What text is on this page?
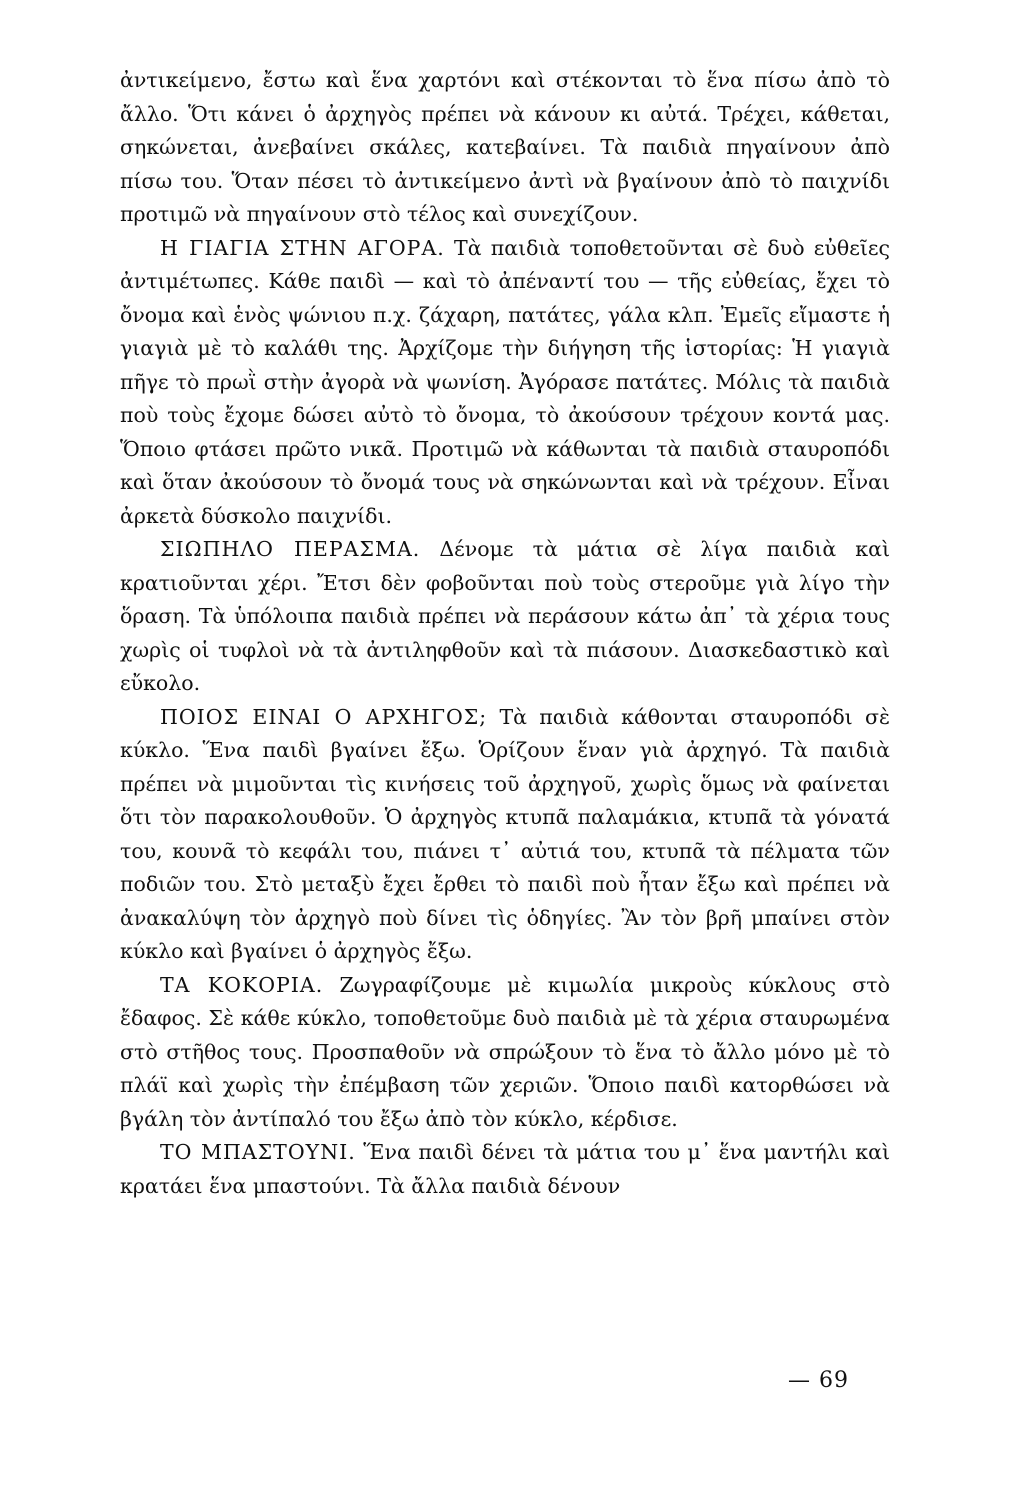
ἀντικείμενο, ἔστω καὶ ἕνα χαρτόνι καὶ στέκονται τὸ ἕνα πίσω ἀπὸ τὸ ἄλλο. Ὅτι κάνει ὁ ἀρχηγὸς πρέπει νὰ κάνουν κι αὐτά. Τρέχει, κάθεται, σηκώνεται, ἀνεβαίνει σκάλες, κατεβαίνει. Τὰ παιδιὰ πηγαίνουν ἀπὸ πίσω του. Ὅταν πέσει τὸ ἀντικείμενο ἀντὶ νὰ βγαίνουν ἀπὸ τὸ παιχνίδι προτιμῶ νὰ πηγαίνουν στὸ τέλος καὶ συνεχίζουν.

Η ΓΙΑΓΙΑ ΣΤΗΝ ΑΓΟΡΑ. Τὰ παιδιὰ τοποθετοῦνται σὲ δυὸ εὐθεῖες ἀντιμέτωπες. Κάθε παιδὶ — καὶ τὸ ἀπέναντί του — τῆς εὐθείας, ἔχει τὸ ὄνομα καὶ ἑνὸς ψώνιου π.χ. ζάχαρη, πατάτες, γάλα κλπ. Ἐμεῖς εἴμαστε ἡ γιαγιὰ μὲ τὸ καλάθι της. Ἀρχίζομε τὴν διήγηση τῆς ἱστορίας: Ἡ γιαγιὰ πῆγε τὸ πρωῒ στὴν ἀγορὰ νὰ ψωνίση. Ἀγόρασε πατάτες. Μόλις τὰ παιδιὰ ποὺ τοὺς ἔχομε δώσει αὐτὸ τὸ ὄνομα, τὸ ἀκούσουν τρέχουν κοντά μας. Ὅποιο φτάσει πρῶτο νικᾶ. Προτιμῶ νὰ κάθωνται τὰ παιδιὰ σταυροπόδι καὶ ὅταν ἀκούσουν τὸ ὄνομά τους νὰ σηκώνωνται καὶ νὰ τρέχουν. Εἶναι ἀρκετὰ δύσκολο παιχνίδι.

ΣΙΩΠΗΛΟ ΠΕΡΑΣΜΑ. Δένομε τὰ μάτια σὲ λίγα παιδιὰ καὶ κρατιοῦνται χέρι. Ἔτσι δὲν φοβοῦνται ποὺ τοὺς στεροῦμε γιὰ λίγο τὴν ὅραση. Τὰ ὑπόλοιπα παιδιὰ πρέπει νὰ περάσουν κάτω ἀπ᾽ τὰ χέρια τους χωρὶς οἱ τυφλοὶ νὰ τὰ ἀντιληφθοῦν καὶ τὰ πιάσουν. Διασκεδαστικὸ καὶ εὔκολο.

ΠΟΙΟΣ ΕΙΝΑΙ Ο ΑΡΧΗΓΟΣ; Τὰ παιδιὰ κάθονται σταυροπόδι σὲ κύκλο. Ἕνα παιδὶ βγαίνει ἔξω. Ὁρίζουν ἕναν γιὰ ἀρχηγό. Τὰ παιδιὰ πρέπει νὰ μιμοῦνται τὶς κινήσεις τοῦ ἀρχηγοῦ, χωρὶς ὅμως νὰ φαίνεται ὅτι τὸν παρακολουθοῦν. Ὁ ἀρχηγὸς κτυπᾶ παλαμάκια, κτυπᾶ τὰ γόνατά του, κουνᾶ τὸ κεφάλι του, πιάνει τ᾽ αὐτιά του, κτυπᾶ τὰ πέλματα τῶν ποδιῶν του. Στὸ μεταξὺ ἔχει ἔρθει τὸ παιδὶ ποὺ ἦταν ἔξω καὶ πρέπει νὰ ἀνακαλύψη τὸν ἀρχηγὸ ποὺ δίνει τὶς ὁδηγίες. Ἂν τὸν βρῆ μπαίνει στὸν κύκλο καὶ βγαίνει ὁ ἀρχηγὸς ἔξω.

ΤΑ ΚΟΚΟΡΙΑ. Ζωγραφίζουμε μὲ κιμωλία μικροὺς κύκλους στὸ ἔδαφος. Σὲ κάθε κύκλο, τοποθετοῦμε δυὸ παιδιὰ μὲ τὰ χέρια σταυρωμένα στὸ στῆθος τους. Προσπαθοῦν νὰ σπρώξουν τὸ ἕνα τὸ ἄλλο μόνο μὲ τὸ πλάϊ καὶ χωρὶς τὴν ἐπέμβαση τῶν χεριῶν. Ὅποιο παιδὶ κατορθώσει νὰ βγάλη τὸν ἀντίπαλό του ἔξω ἀπὸ τὸν κύκλο, κέρδισε.

ΤΟ ΜΠΑΣΤΟΥΝΙ. Ἕνα παιδὶ δένει τὰ μάτια του μ᾽ ἕνα μαντήλι καὶ κρατάει ἕνα μπαστούνι. Τὰ ἄλλα παιδιὰ δένουν

— 69
